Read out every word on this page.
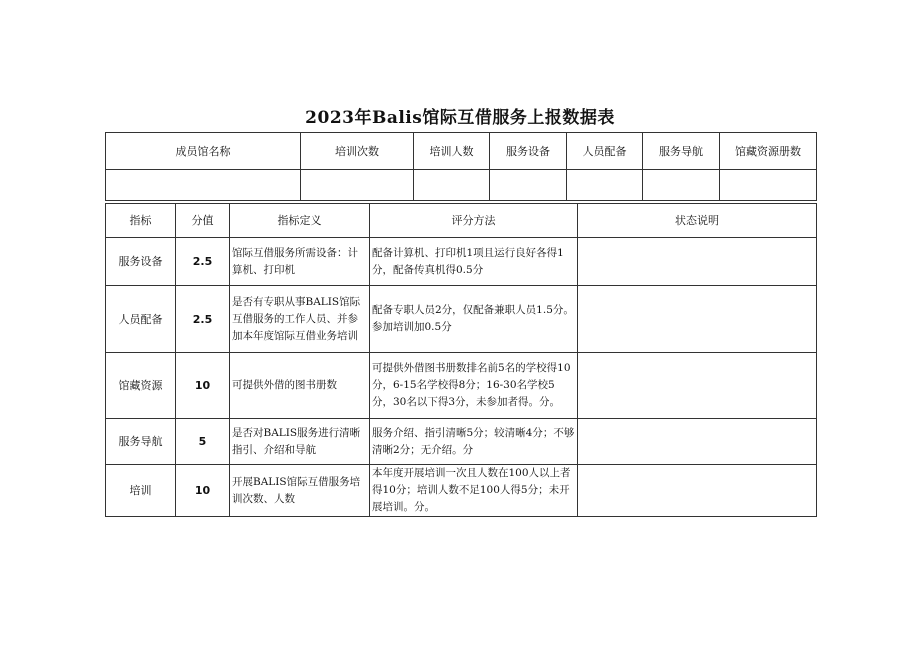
2023年Balis馆际互借服务上报数据表
成员馆名称	培训次数	培训人数	服务设备	人员配备	服务导航	馆藏资源册数

指标	分值	指标定义	评分方法	状态说明
服务设备	2.5	馆际互借服务所需设备：计算机、打印机	配备计算机、打印机1项且运行良好各得1分，配备传真机得0.5分	
人员配备	2.5	是否有专职从事BALIS馆际互借服务的工作人员、并参加本年度馆际互借业务培训	配备专职人员2分，仅配备兼职人员1.5分。参加培训加0.5分	
馆藏资源	10	可提供外借的图书册数	可提供外借图书册数排名前5名的学校得10分，6-15名学校得8分；16-30名学校5分，30名以下得3分，未参加者得。分。	
服务导航	5	是否对BALIS服务进行清晰指引、介绍和导航	服务介绍、指引清晰5分；较清晰4分；不够清晰2分；无介绍。分	
培训	10	开展BALIS馆际互借服务培训次数、人数	本年度开展培训一次且人数在100人以上者得10分；培训人数不足100人得5分；未开展培训。分。	
